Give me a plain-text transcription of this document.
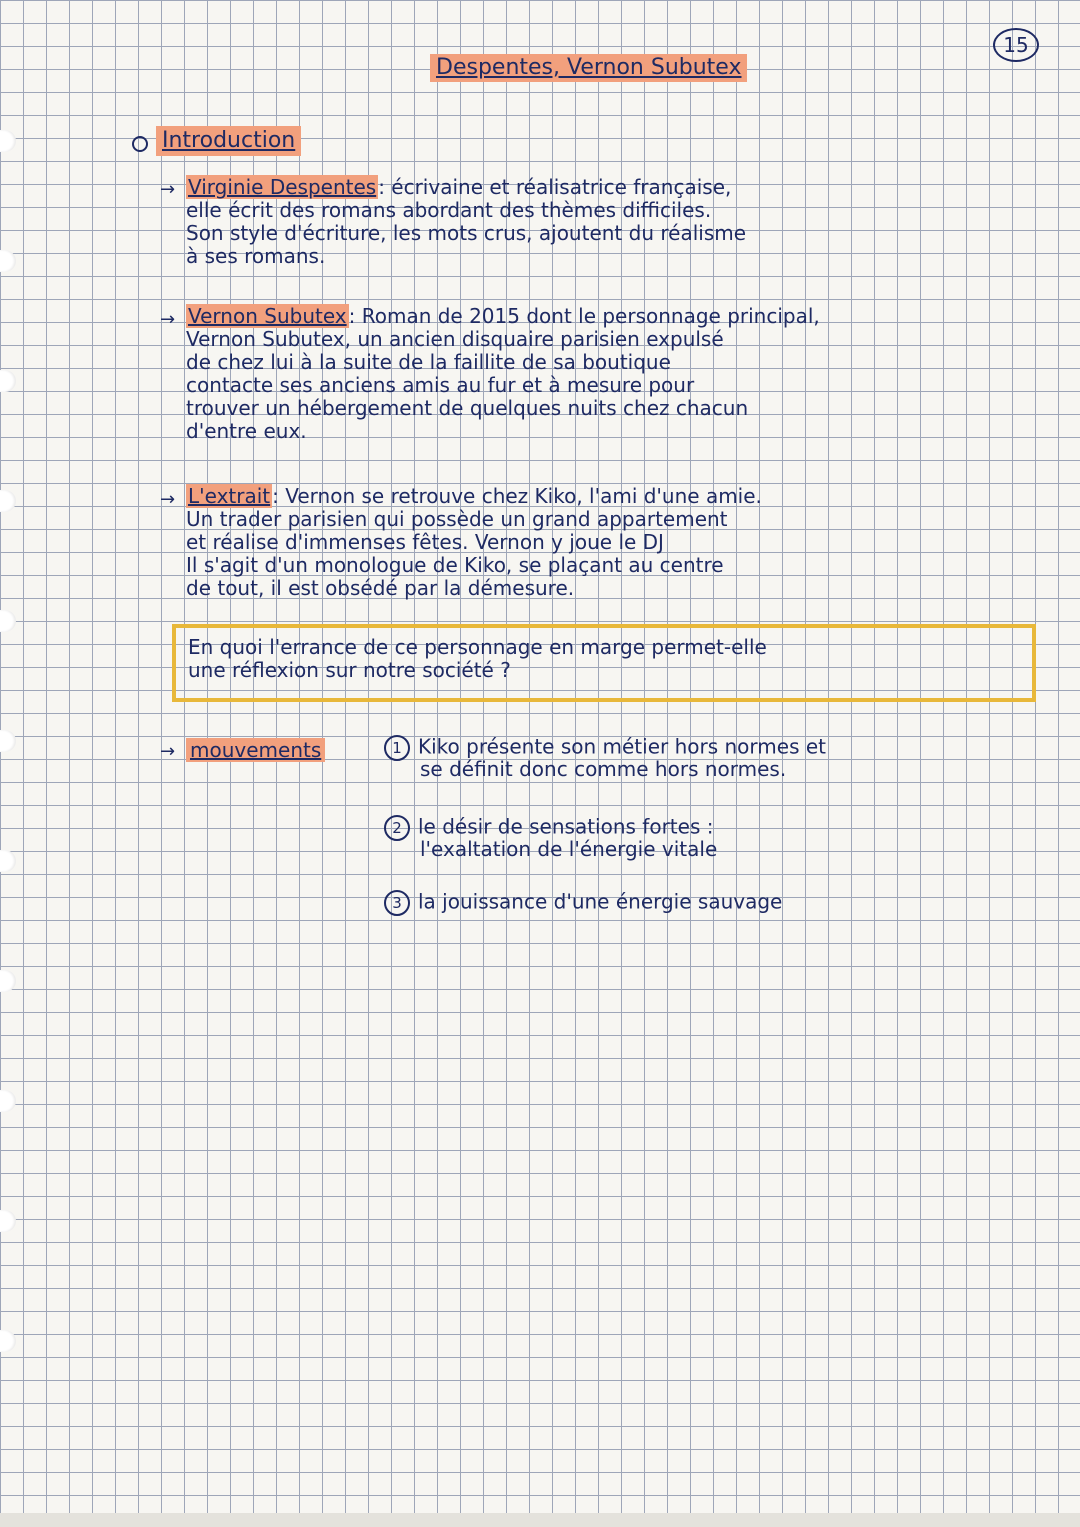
15
Despentes, Vernon Subutex
Introduction
→ Virginie Despentes : écrivaine et réalisatrice française,
elle écrit des romans abordant des thèmes difficiles.
Son style d'écriture, les mots crus, ajoutent du réalisme
à ses romans.
→ Vernon Subutex : Roman de 2015 dont le personnage principal,
Vernon Subutex, un ancien disquaire parisien expulsé
de chez lui à la suite de la faillite de sa boutique
contacte ses anciens amis au fur et à mesure pour
trouver un hébergement de quelques nuits chez chacun
d'entre eux.
→ L'extrait : Vernon se retrouve chez Kiko, l'ami d'une amie.
Un trader parisien qui possède un grand appartement
et réalise d'immenses fêtes. Vernon y joue le DJ
Il s'agit d'un monologue de Kiko, se plaçant au centre
de tout, il est obsédé par la démesure.
En quoi l'errance de ce personnage en marge permet-elle
une réflexion sur notre société ?
→ mouvements	1 Kiko présente son métier hors normes et
se définit donc comme hors normes.
2 le désir de sensations fortes :
l'exaltation de l'énergie vitale
3 la jouissance d'une énergie sauvage
